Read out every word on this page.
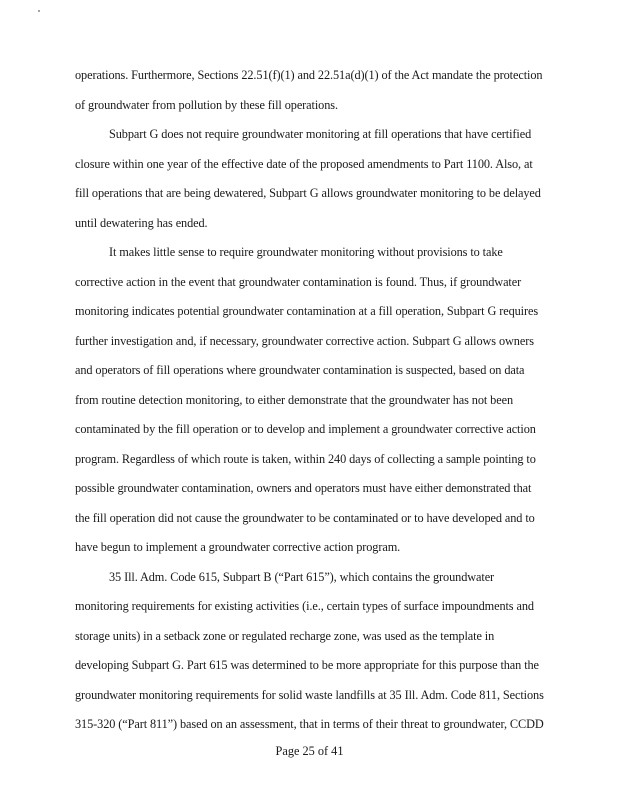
operations. Furthermore, Sections 22.51(f)(1) and 22.51a(d)(1) of the Act mandate the protection of groundwater from pollution by these fill operations.

Subpart G does not require groundwater monitoring at fill operations that have certified closure within one year of the effective date of the proposed amendments to Part 1100. Also, at fill operations that are being dewatered, Subpart G allows groundwater monitoring to be delayed until dewatering has ended.

It makes little sense to require groundwater monitoring without provisions to take corrective action in the event that groundwater contamination is found. Thus, if groundwater monitoring indicates potential groundwater contamination at a fill operation, Subpart G requires further investigation and, if necessary, groundwater corrective action. Subpart G allows owners and operators of fill operations where groundwater contamination is suspected, based on data from routine detection monitoring, to either demonstrate that the groundwater has not been contaminated by the fill operation or to develop and implement a groundwater corrective action program. Regardless of which route is taken, within 240 days of collecting a sample pointing to possible groundwater contamination, owners and operators must have either demonstrated that the fill operation did not cause the groundwater to be contaminated or to have developed and to have begun to implement a groundwater corrective action program.

35 Ill. Adm. Code 615, Subpart B (“Part 615”), which contains the groundwater monitoring requirements for existing activities (i.e., certain types of surface impoundments and storage units) in a setback zone or regulated recharge zone, was used as the template in developing Subpart G. Part 615 was determined to be more appropriate for this purpose than the groundwater monitoring requirements for solid waste landfills at 35 Ill. Adm. Code 811, Sections 315-320 (“Part 811”) based on an assessment, that in terms of their threat to groundwater, CCDD

Page 25 of 41
